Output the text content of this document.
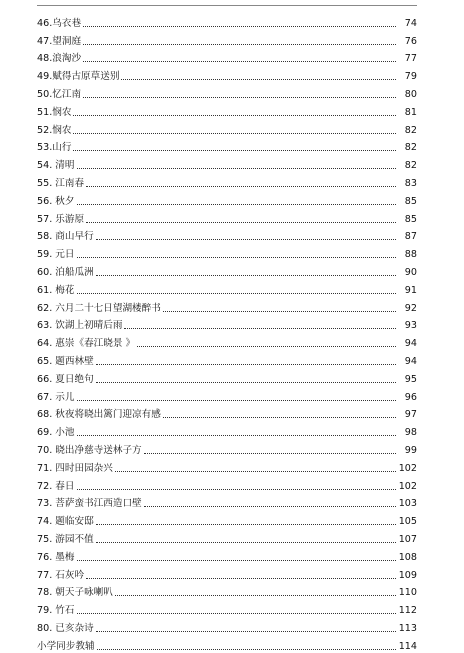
46.乌衣巷	74
47.望洞庭	76
48.浪淘沙	77
49.赋得古原草送别	79
50.忆江南	80
51.悯农	81
52.悯农	82
53.山行	82
54. 清明	82
55. 江南春	83
56. 秋夕	85
57. 乐游原	85
58. 商山早行	87
59. 元日	88
60. 泊船瓜洲	90
61. 梅花	91
62. 六月二十七日望湖楼醉书	92
63. 饮湖上初晴后雨	93
64. 惠崇《春江晓景 》	94
65. 题西林壁	94
66. 夏日绝句	95
67. 示儿	96
68. 秋夜将晓出篱门迎凉有感	97
69. 小池	98
70. 晓出净慈寺送林子方	99
71. 四时田园杂兴	102
72. 春日	102
73. 菩萨蛮书江西造口壁	103
74. 题临安邸	105
75. 游园不值	107
76. 墨梅	108
77. 石灰吟	109
78. 朝天子咏喇叭	110
79. 竹石	112
80. 已亥杂诗	113
小学同步教辅	114
